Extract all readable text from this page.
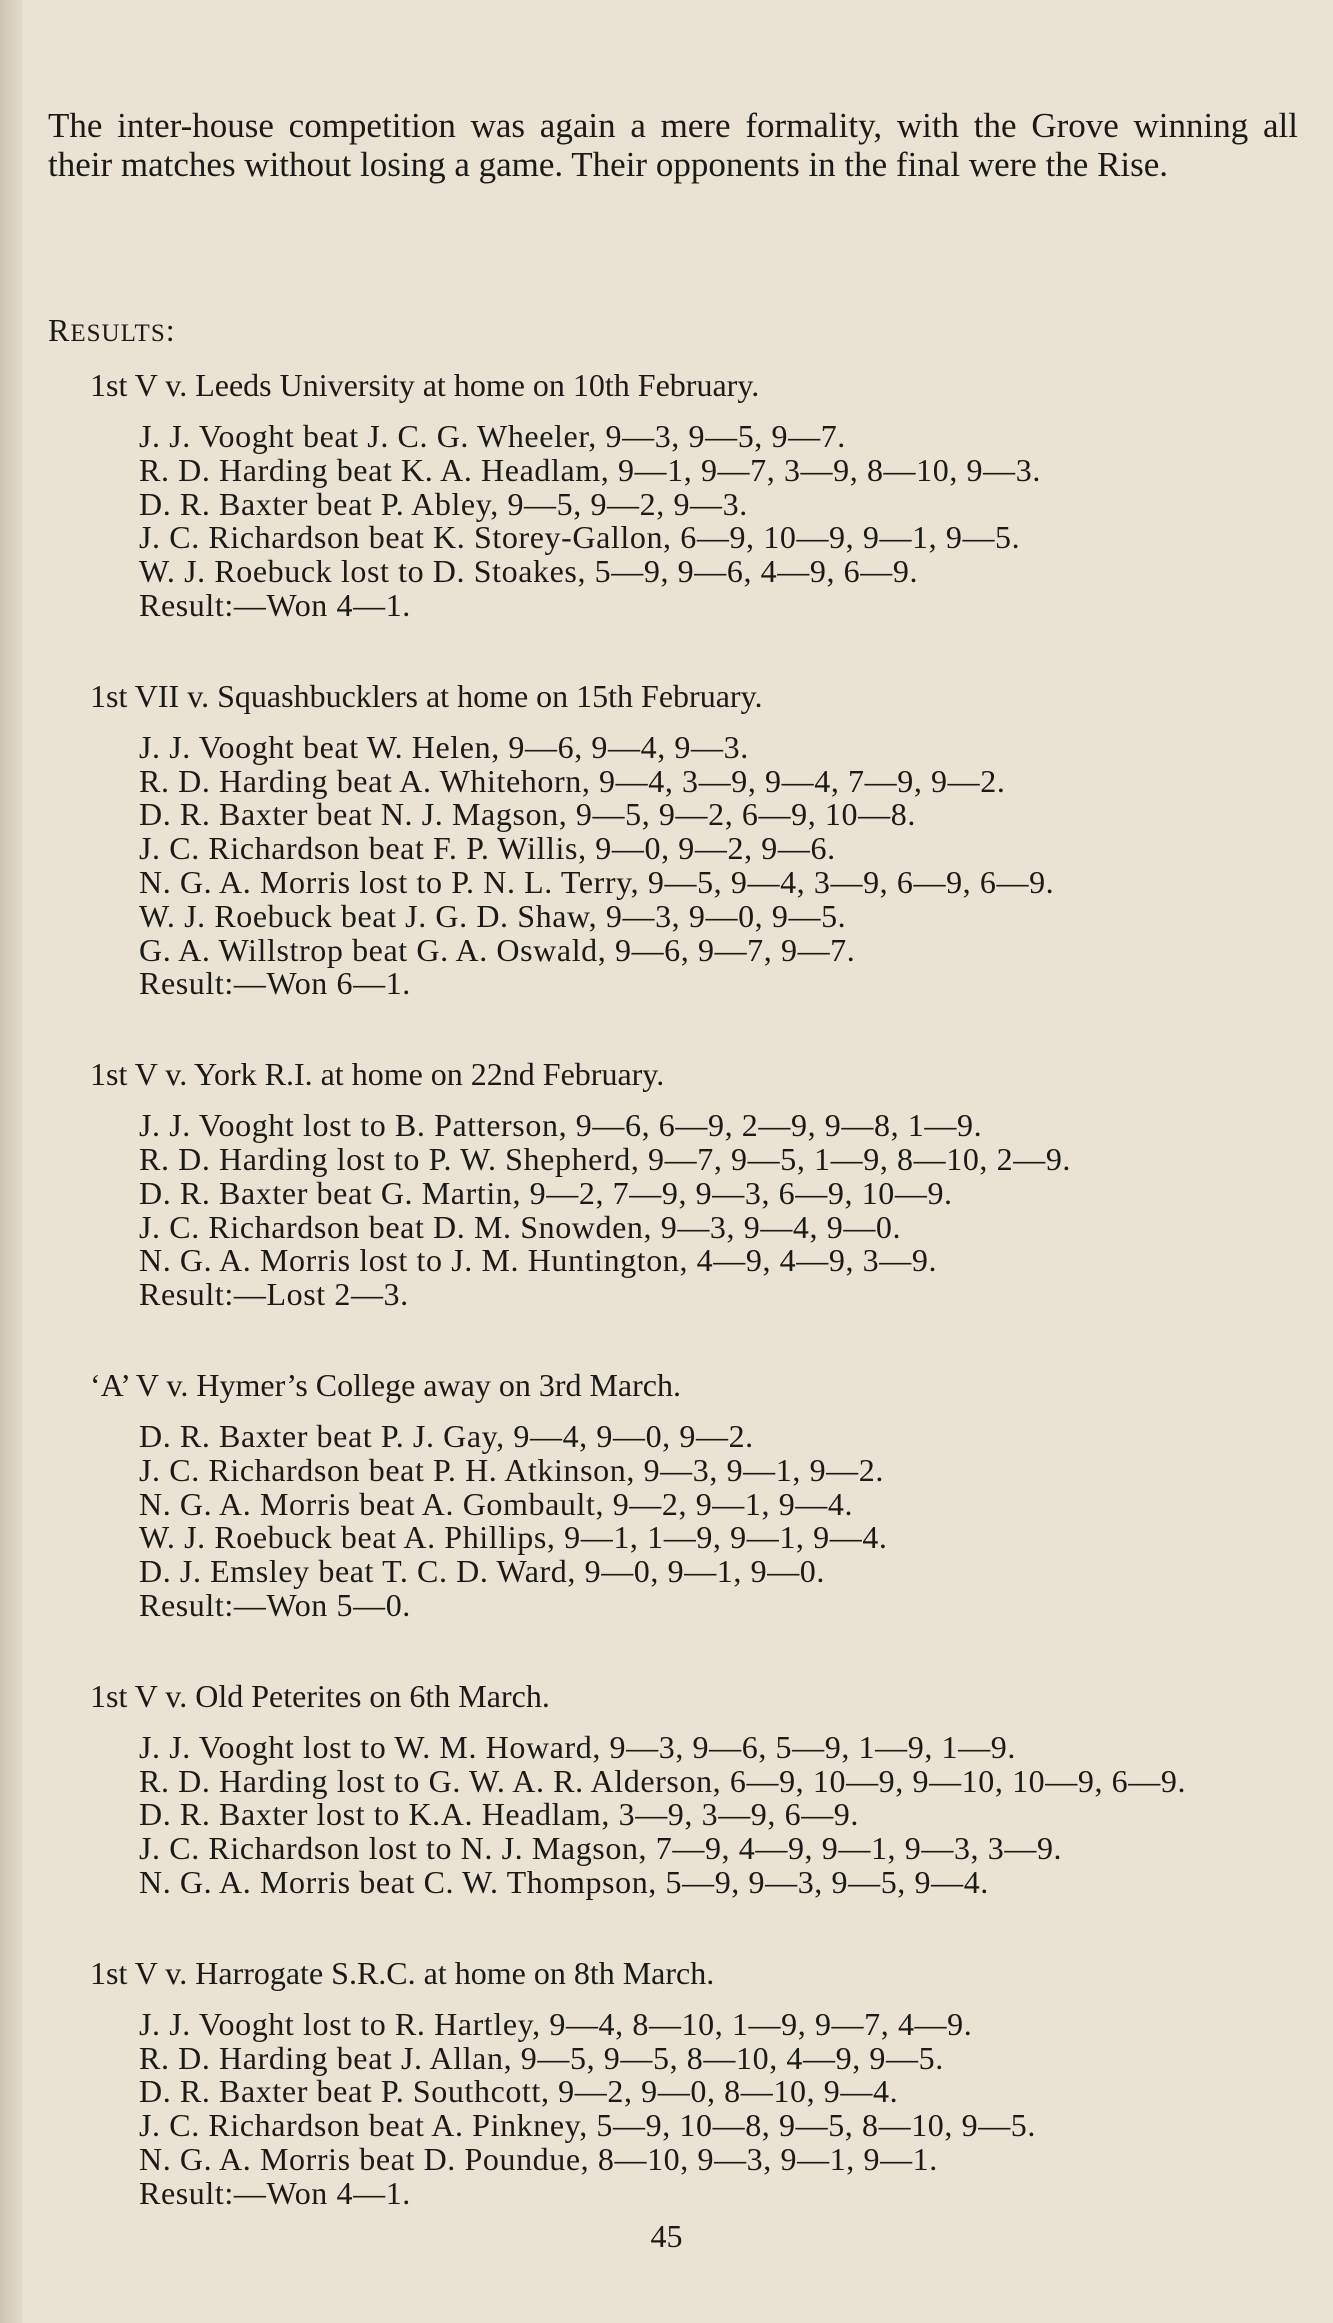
The inter-house competition was again a mere formality, with the Grove winning all their matches without losing a game. Their opponents in the final were the Rise.

RESULTS:

1st V v. Leeds University at home on 10th February.

J. J. Vooght beat J. C. G. Wheeler, 9—3, 9—5, 9—7.
R. D. Harding beat K. A. Headlam, 9—1, 9—7, 3—9, 8—10, 9—3.
D. R. Baxter beat P. Abley, 9—5, 9—2, 9—3.
J. C. Richardson beat K. Storey-Gallon, 6—9, 10—9, 9—1, 9—5.
W. J. Roebuck lost to D. Stoakes, 5—9, 9—6, 4—9, 6—9.
Result:—Won 4—1.

1st VII v. Squashbucklers at home on 15th February.

J. J. Vooght beat W. Helen, 9—6, 9—4, 9—3.
R. D. Harding beat A. Whitehorn, 9—4, 3—9, 9—4, 7—9, 9—2.
D. R. Baxter beat N. J. Magson, 9—5, 9—2, 6—9, 10—8.
J. C. Richardson beat F. P. Willis, 9—0, 9—2, 9—6.
N. G. A. Morris lost to P. N. L. Terry, 9—5, 9—4, 3—9, 6—9, 6—9.
W. J. Roebuck beat J. G. D. Shaw, 9—3, 9—0, 9—5.
G. A. Willstrop beat G. A. Oswald, 9—6, 9—7, 9—7.
Result:—Won 6—1.

1st V v. York R.I. at home on 22nd February.

J. J. Vooght lost to B. Patterson, 9—6, 6—9, 2—9, 9—8, 1—9.
R. D. Harding lost to P. W. Shepherd, 9—7, 9—5, 1—9, 8—10, 2—9.
D. R. Baxter beat G. Martin, 9—2, 7—9, 9—3, 6—9, 10—9.
J. C. Richardson beat D. M. Snowden, 9—3, 9—4, 9—0.
N. G. A. Morris lost to J. M. Huntington, 4—9, 4—9, 3—9.
Result:—Lost 2—3.

‘A’ V v. Hymer’s College away on 3rd March.

D. R. Baxter beat P. J. Gay, 9—4, 9—0, 9—2.
J. C. Richardson beat P. H. Atkinson, 9—3, 9—1, 9—2.
N. G. A. Morris beat A. Gombault, 9—2, 9—1, 9—4.
W. J. Roebuck beat A. Phillips, 9—1, 1—9, 9—1, 9—4.
D. J. Emsley beat T. C. D. Ward, 9—0, 9—1, 9—0.
Result:—Won 5—0.

1st V v. Old Peterites on 6th March.

J. J. Vooght lost to W. M. Howard, 9—3, 9—6, 5—9, 1—9, 1—9.
R. D. Harding lost to G. W. A. R. Alderson, 6—9, 10—9, 9—10, 10—9, 6—9.
D. R. Baxter lost to K.A. Headlam, 3—9, 3—9, 6—9.
J. C. Richardson lost to N. J. Magson, 7—9, 4—9, 9—1, 9—3, 3—9.
N. G. A. Morris beat C. W. Thompson, 5—9, 9—3, 9—5, 9—4.

1st V v. Harrogate S.R.C. at home on 8th March.

J. J. Vooght lost to R. Hartley, 9—4, 8—10, 1—9, 9—7, 4—9.
R. D. Harding beat J. Allan, 9—5, 9—5, 8—10, 4—9, 9—5.
D. R. Baxter beat P. Southcott, 9—2, 9—0, 8—10, 9—4.
J. C. Richardson beat A. Pinkney, 5—9, 10—8, 9—5, 8—10, 9—5.
N. G. A. Morris beat D. Poundue, 8—10, 9—3, 9—1, 9—1.
Result:—Won 4—1.
45
